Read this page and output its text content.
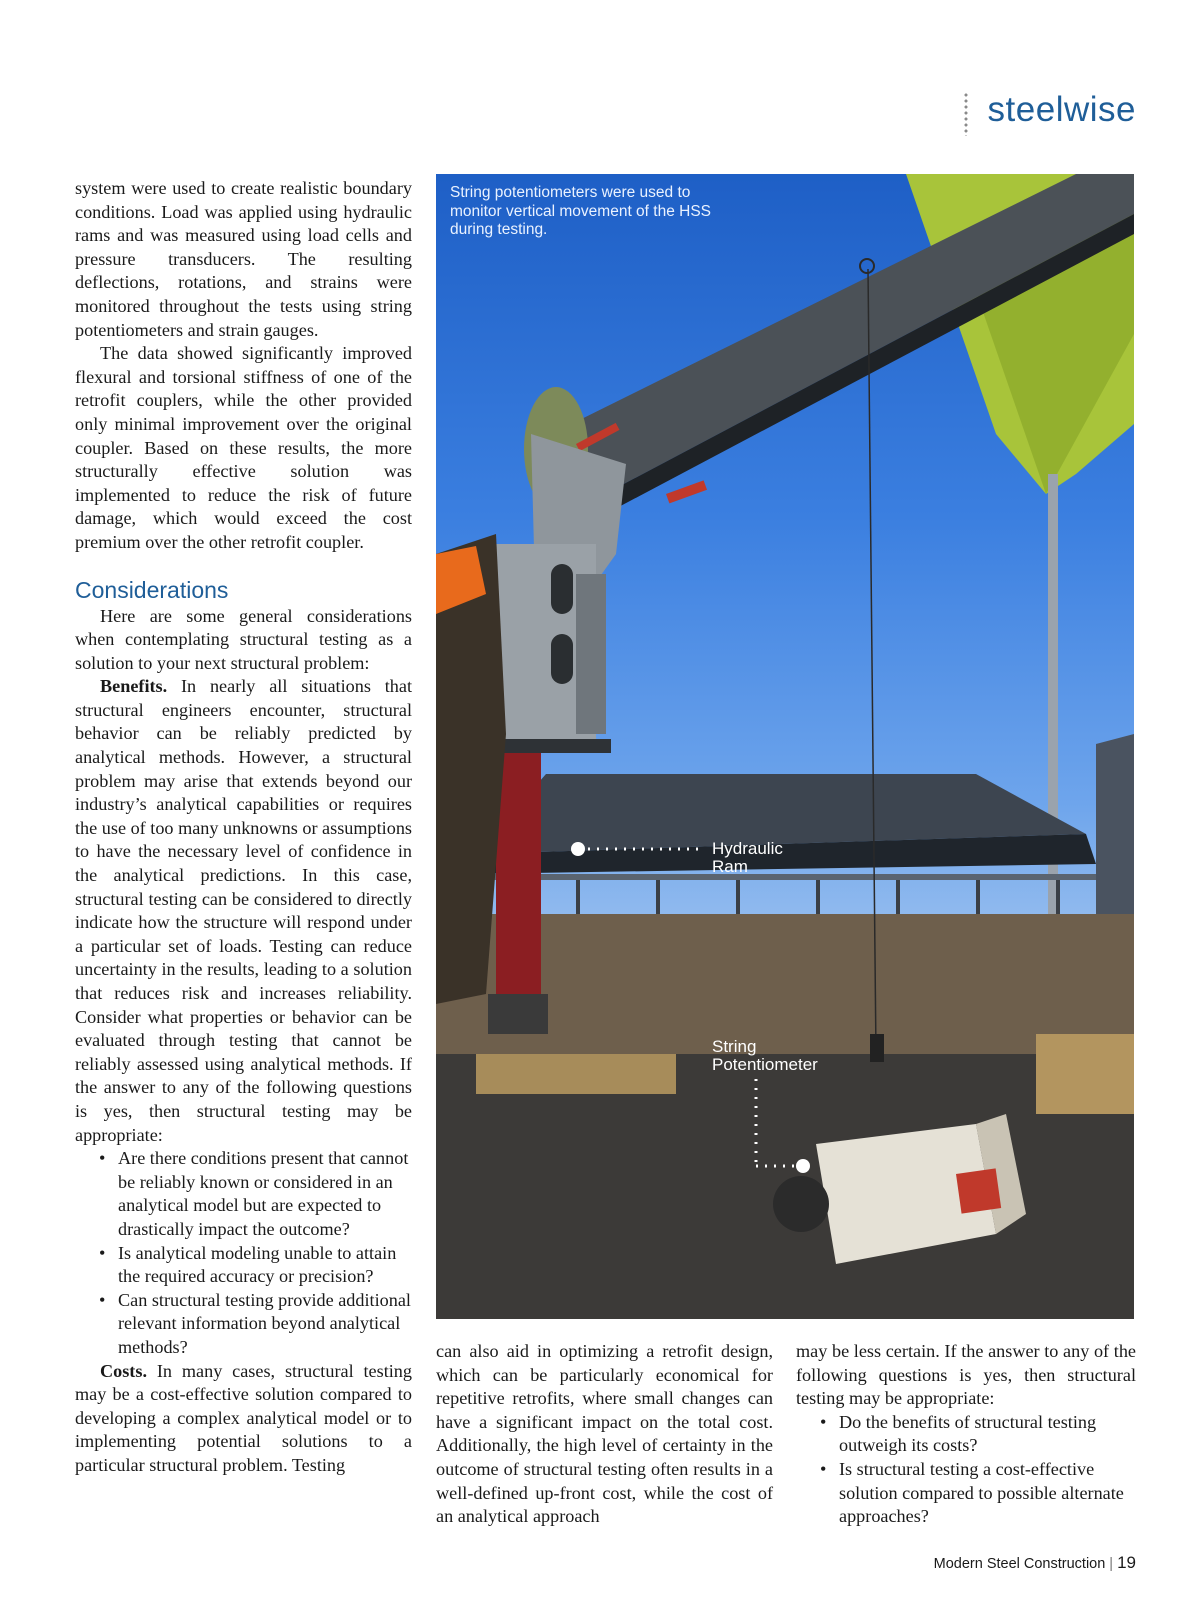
steelwise

system were used to create realistic boundary conditions. Load was applied using hydraulic rams and was measured using load cells and pressure transducers. The resulting deflections, rotations, and strains were monitored throughout the tests using string potentiometers and strain gauges.

The data showed significantly improved flexural and torsional stiffness of one of the retrofit couplers, while the other provided only minimal improvement over the original coupler. Based on these results, the more structurally effective solution was implemented to reduce the risk of future damage, which would exceed the cost premium over the other retrofit coupler.

Considerations

Here are some general considerations when contemplating structural testing as a solution to your next structural problem:

Benefits. In nearly all situations that structural engineers encounter, structural behavior can be reliably predicted by analytical methods. However, a structural problem may arise that extends beyond our industry’s analytical capabilities or requires the use of too many unknowns or assumptions to have the necessary level of confidence in the analytical predictions. In this case, structural testing can be considered to directly indicate how the structure will respond under a particular set of loads. Testing can reduce uncertainty in the results, leading to a solution that reduces risk and increases reliability. Consider what properties or behavior can be evaluated through testing that cannot be reliably assessed using analytical methods. If the answer to any of the following questions is yes, then structural testing may be appropriate:

• Are there conditions present that cannot be reliably known or considered in an analytical model but are expected to drastically impact the outcome?
• Is analytical modeling unable to attain the required accuracy or precision?
• Can structural testing provide additional relevant information beyond analytical methods?

Costs. In many cases, structural testing may be a cost-effective solution compared to developing a complex analytical model or to implementing potential solutions to a particular structural problem. Testing

String potentiometers were used to monitor vertical movement of the HSS during testing.
Hydraulic
Ram
String
Potentiometer

can also aid in optimizing a retrofit design, which can be particularly economical for repetitive retrofits, where small changes can have a significant impact on the total cost. Additionally, the high level of certainty in the outcome of structural testing often results in a well-defined up-front cost, while the cost of an analytical approach

may be less certain. If the answer to any of the following questions is yes, then structural testing may be appropriate:

• Do the benefits of structural testing outweigh its costs?
• Is structural testing a cost-effective solution compared to possible alternate approaches?
Modern Steel Construction | 19
